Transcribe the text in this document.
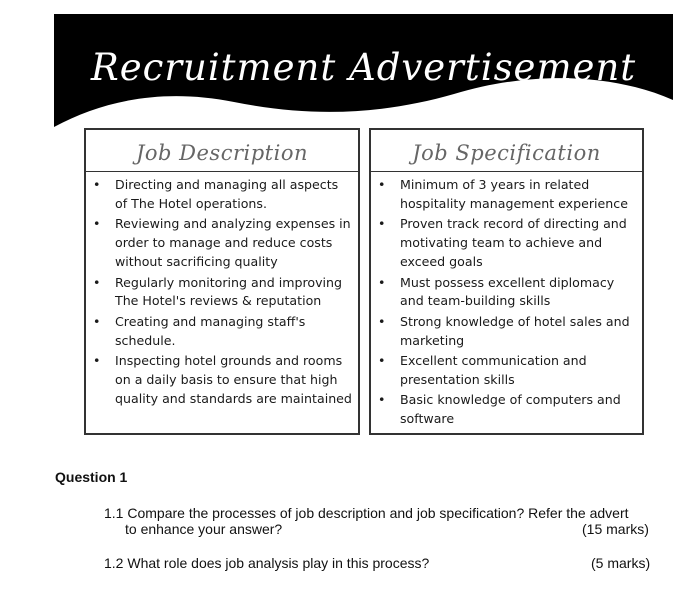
Recruitment Advertisement
Job Description
• Directing and managing all aspects of The Hotel operations.
• Reviewing and analyzing expenses in order to manage and reduce costs without sacrificing quality
• Regularly monitoring and improving The Hotel's reviews & reputation
• Creating and managing staff's schedule.
• Inspecting hotel grounds and rooms on a daily basis to ensure that high quality and standards are maintained
Job Specification
• Minimum of 3 years in related hospitality management experience
• Proven track record of directing and motivating team to achieve and exceed goals
• Must possess excellent diplomacy and team-building skills
• Strong knowledge of hotel sales and marketing
• Excellent communication and presentation skills
• Basic knowledge of computers and software
Question 1
1.1 Compare the processes of job description and job specification? Refer the advert
to enhance your answer?	(15 marks)
1.2 What role does job analysis play in this process?	(5 marks)
